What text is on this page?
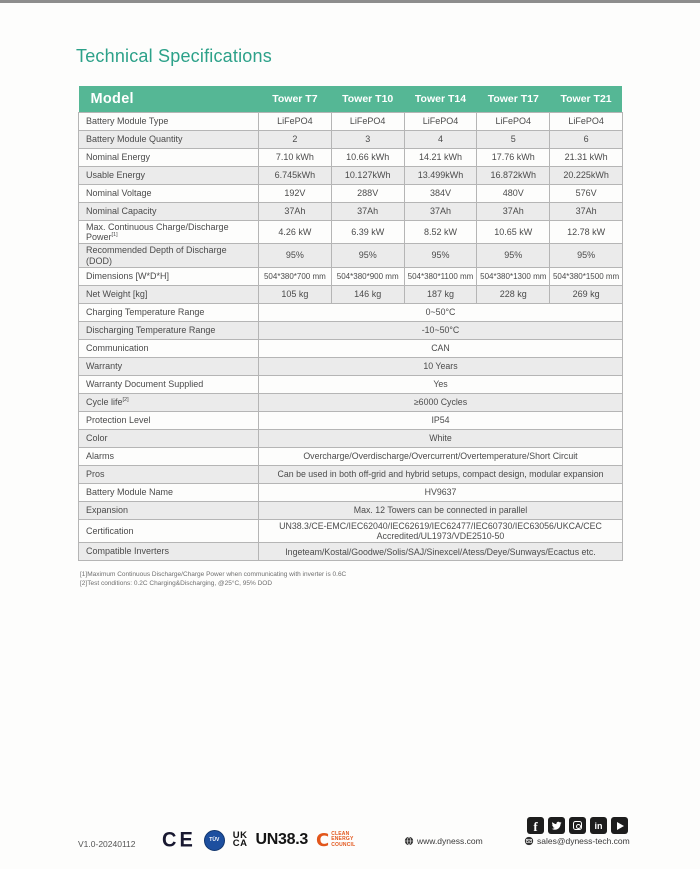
Technical Specifications
Model	Tower T7	Tower T10	Tower T14	Tower T17	Tower T21
Battery Module Type	LiFePO4	LiFePO4	LiFePO4	LiFePO4	LiFePO4
Battery Module Quantity	2	3	4	5	6
Nominal Energy	7.10 kWh	10.66 kWh	14.21 kWh	17.76 kWh	21.31 kWh
Usable Energy	6.745kWh	10.127kWh	13.499kWh	16.872kWh	20.225kWh
Nominal Voltage	192V	288V	384V	480V	576V
Nominal Capacity	37Ah	37Ah	37Ah	37Ah	37Ah
Max. Continuous Charge/Discharge Power[1]	4.26 kW	6.39 kW	8.52 kW	10.65 kW	12.78 kW
Recommended Depth of Discharge (DOD)	95%	95%	95%	95%	95%
Dimensions [W*D*H]	504*380*700 mm	504*380*900 mm	504*380*1100 mm	504*380*1300 mm	504*380*1500 mm
Net Weight [kg]	105 kg	146 kg	187 kg	228 kg	269 kg
Charging Temperature Range	0~50°C				
Discharging Temperature Range	-10~50°C				
Communication	CAN				
Warranty	10 Years				
Warranty Document Supplied	Yes				
Cycle life[2]	≥6000 Cycles				
Protection Level	IP54				
Color	White				
Alarms	Overcharge/Overdischarge/Overcurrent/Overtemperature/Short Circuit				
Pros	Can be used in both off-grid and hybrid setups, compact design, modular expansion				
Battery Module Name	HV9637				
Expansion	Max. 12 Towers can be connected in parallel				
Certification	UN38.3/CE-EMC/IEC62040/IEC62619/IEC62477/IEC60730/IEC63056/UKCA/CEC Accredited/UL1973/VDE2510-50				
Compatible Inverters	Ingeteam/Kostal/Goodwe/Solis/SAJ/Sinexcel/Atess/Deye/Sunways/Ecactus etc.				
[1]Maximum Continuous Discharge/Charge Power when communicating with inverter is 0.6C
[2]Test conditions: 0.2C Charging&Discharging, @25°C, 95% DOD
V1.0-20240112 CE	TÜV UK
CA UN38.3 C CLEAN
ENERGY
COUNCIL
f	in
www.dyness.com	sales@dyness-tech.com
